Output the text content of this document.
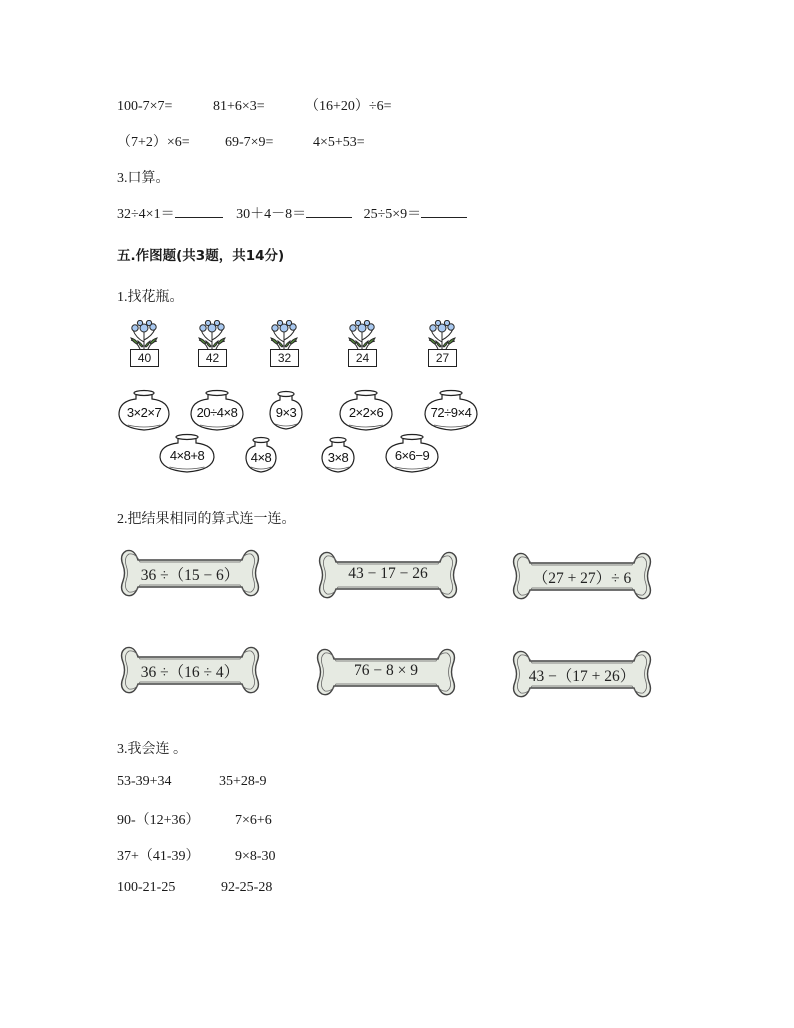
100-7×7=	81+6×3=	（16+20）÷6=
（7+2）×6=	69-7×9=	4×5+53=
3.口算。
32÷4×1＝	30＋4－8＝	25÷5×9＝
五.作图题(共3题，共14分)
1.找花瓶。
40	42	32	24	27
3×2×7	20÷4×8	9×3	2×2×6	72÷9×4
4×8+8	4×8	3×8	6×6−9
2.把结果相同的算式连一连。
36 ÷（15 − 6）	43 − 17 − 26	（27 + 27）÷ 6
36 ÷（16 ÷ 4）	76 − 8 × 9	43 −（17 + 26）
3.我会连 。
53-39+34	35+28-9
90-（12+36）	7×6+6
37+（41-39）	9×8-30
100-21-25	92-25-28
